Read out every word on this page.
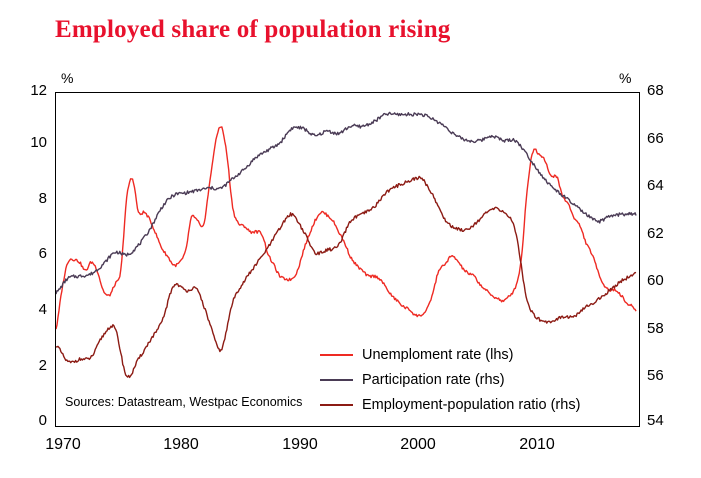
Employed share of population rising
%	%
12
10
8
6
4
2
0
68
66
64
62
60
58
56
54
1970	1980	1990	2000	2010
Sources: Datastream, Westpac Economics
Unemploment rate (lhs)
Participation rate (rhs)
Employment-population ratio (rhs)
